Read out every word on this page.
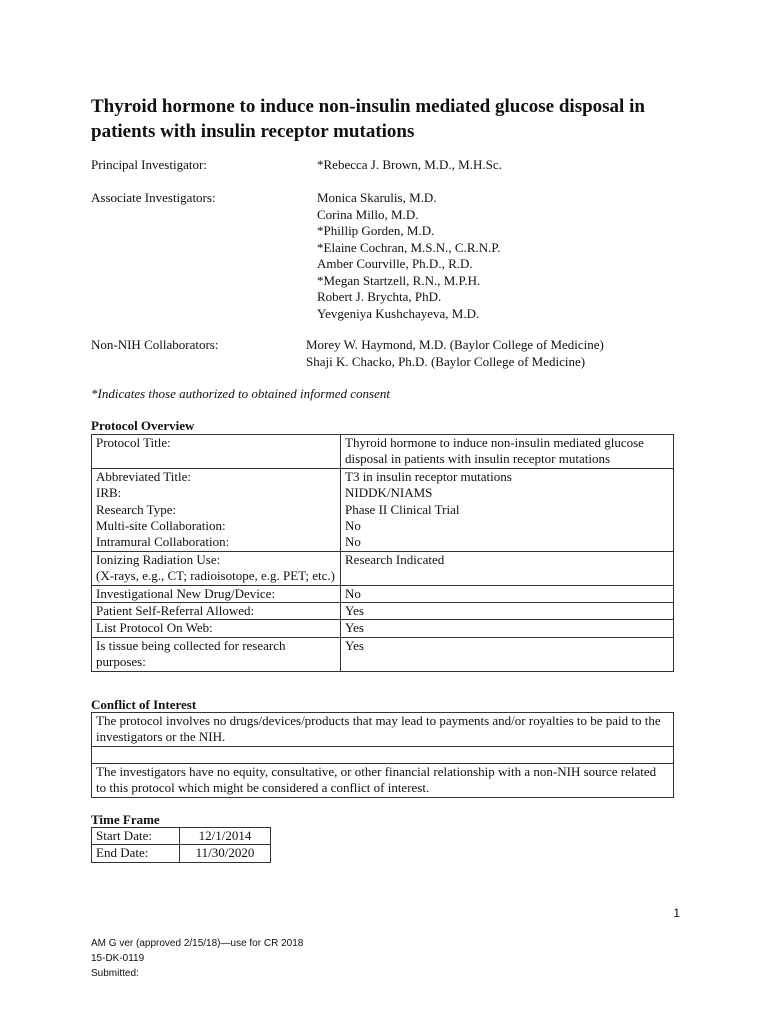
Thyroid hormone to induce non-insulin mediated glucose disposal in patients with insulin receptor mutations
Principal Investigator:	*Rebecca J. Brown, M.D., M.H.Sc.
Associate Investigators:	Monica Skarulis, M.D.
Corina Millo, M.D.
*Phillip Gorden, M.D.
*Elaine Cochran, M.S.N., C.R.N.P.
Amber Courville, Ph.D., R.D.
*Megan Startzell, R.N., M.P.H.
Robert J. Brychta, PhD.
Yevgeniya Kushchayeva, M.D.
Non-NIH Collaborators:	Morey W. Haymond, M.D. (Baylor College of Medicine)
Shaji K. Chacko, Ph.D. (Baylor College of Medicine)
*Indicates those authorized to obtained informed consent
Protocol Overview
Protocol Title:	Thyroid hormone to induce non-insulin mediated glucose disposal in patients with insulin receptor mutations
Abbreviated Title:	T3 in insulin receptor mutations
IRB:	NIDDK/NIAMS
Research Type:	Phase II Clinical Trial
Multi-site Collaboration:	No
Intramural Collaboration:	No
Ionizing Radiation Use:
(X-rays, e.g., CT; radioisotope, e.g. PET; etc.)	Research Indicated
Investigational New Drug/Device:	No
Patient Self-Referral Allowed:	Yes
List Protocol On Web:	Yes
Is tissue being collected for research purposes:	Yes
Conflict of Interest
The protocol involves no drugs/devices/products that may lead to payments and/or royalties to be paid to the investigators or the NIH.

The investigators have no equity, consultative, or other financial relationship with a non-NIH source related to this protocol which might be considered a conflict of interest.
Time Frame
Start Date:	12/1/2014
End Date:	11/30/2020
1
AM G ver (approved 2/15/18)—use for CR 2018
15-DK-0119
Submitted:
